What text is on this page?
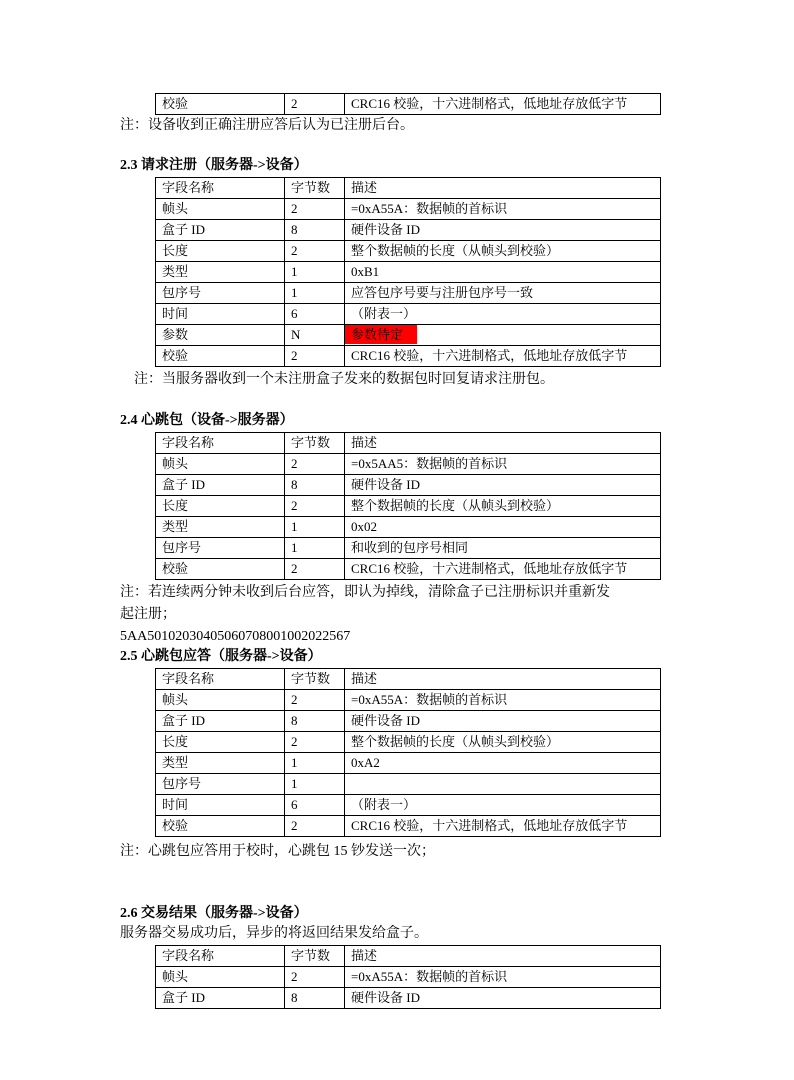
校验	2	CRC16 校验，十六进制格式，低地址存放低字节
注：设备收到正确注册应答后认为已注册后台。
2.3 请求注册（服务器->设备）
字段名称	字节数	描述
帧头	2	=0xA55A：数据帧的首标识
盒子 ID	8	硬件设备 ID
长度	2	整个数据帧的长度（从帧头到校验）
类型	1	0xB1
包序号	1	应答包序号要与注册包序号一致
时间	6	（附表一）
参数	N	参数待定
校验	2	CRC16 校验，十六进制格式，低地址存放低字节
注：当服务器收到一个未注册盒子发来的数据包时回复请求注册包。
2.4 心跳包（设备->服务器）
字段名称	字节数	描述
帧头	2	=0x5AA5：数据帧的首标识
盒子 ID	8	硬件设备 ID
长度	2	整个数据帧的长度（从帧头到校验）
类型	1	0x02
包序号	1	和收到的包序号相同
校验	2	CRC16 校验，十六进制格式，低地址存放低字节
注：若连续两分钟未收到后台应答，即认为掉线，清除盒子已注册标识并重新发
起注册；
5AA50102030405060708001002022567
2.5 心跳包应答（服务器->设备）
字段名称	字节数	描述
帧头	2	=0xA55A：数据帧的首标识
盒子 ID	8	硬件设备 ID
长度	2	整个数据帧的长度（从帧头到校验）
类型	1	0xA2
包序号	1	
时间	6	（附表一）
校验	2	CRC16 校验，十六进制格式，低地址存放低字节
注：心跳包应答用于校时，心跳包 15 钞发送一次；
2.6 交易结果（服务器->设备）
服务器交易成功后，异步的将返回结果发给盒子。
字段名称	字节数	描述
帧头	2	=0xA55A：数据帧的首标识
盒子 ID	8	硬件设备 ID
